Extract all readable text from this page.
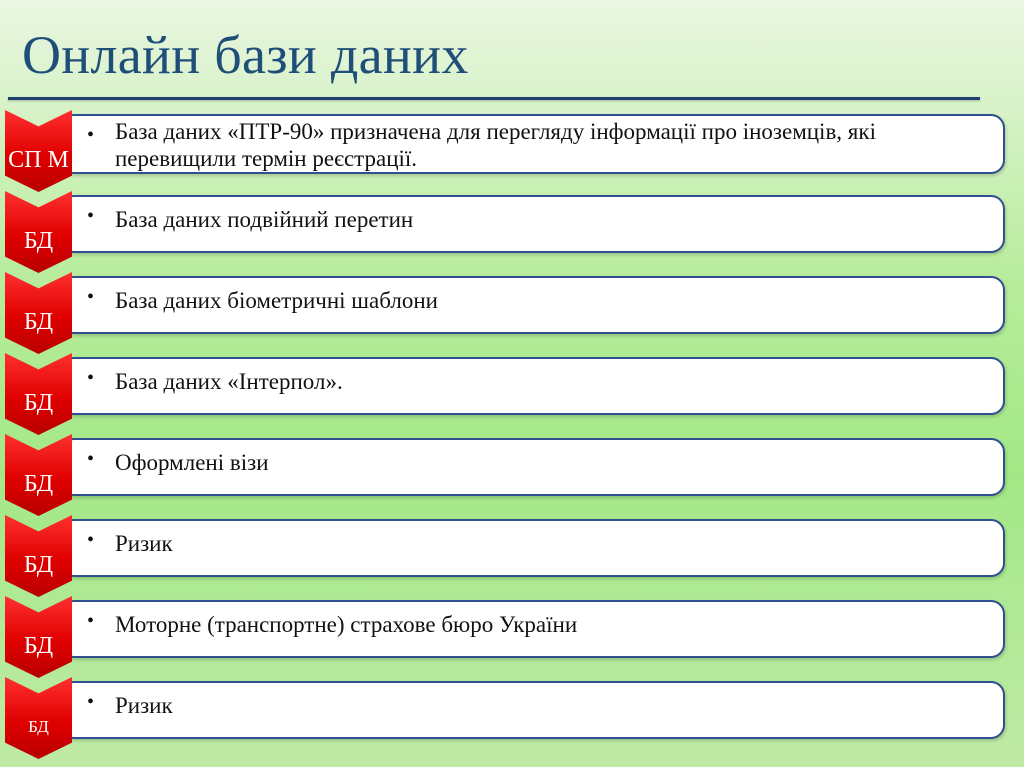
Онлайн бази даних
СП М
• База даних «ПТР-90» призначена для перегляду інформації про іноземців, які перевищили термін реєстрації.
БД
• База даних подвійний перетин
БД
• База даних біометричні шаблони
БД
• База даних «Інтерпол».
БД
• Оформлені візи
БД
• Ризик
БД
• Моторне (транспортне) страхове бюро України
БД
• Ризик
